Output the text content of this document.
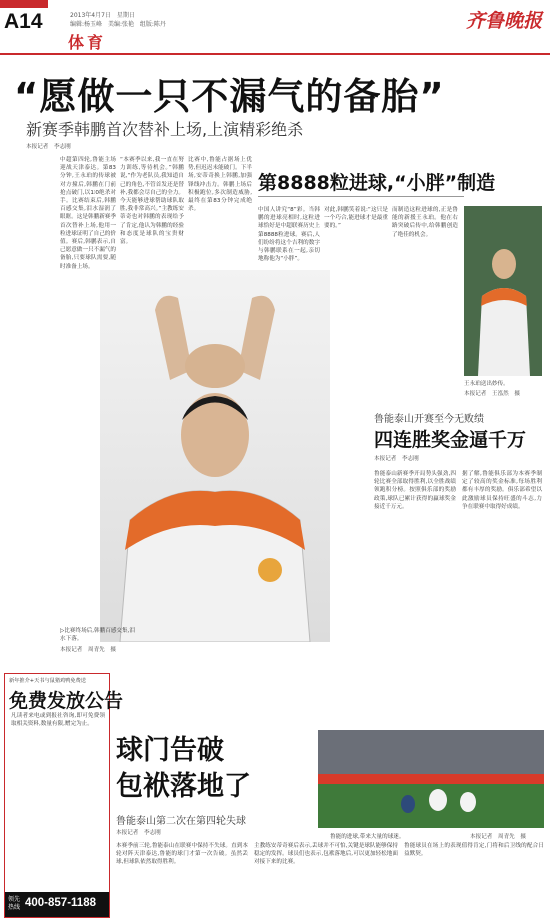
A14	2013年4月7日 星期日
编辑:杨玉峰 美编:张艳 组版:陈丹
体育
齐鲁晚报
“愿做一只不漏气的备胎”
新赛季韩鹏首次替补上场,上演精彩绝杀
本报记者　李志刚
中超第四轮,鲁能主场迎战天津泰达。第83分钟,王永珀的传球被对方撞后,韩鹏在门前抢点破门,以1∶0绝杀对手。比赛结束后,韩鹏百感交集,泪水湿润了眼眶。这是韩鹏新赛季首次替补上场,他用一粒进球证明了自己的价值。赛后,韩鹏表示,自己愿意做一只不漏气的备胎,只要球队需要,随时准备上场。
“本赛季以来,我一直在努力训练,等待机会。”韩鹏说,“作为老队员,我知道自己的角色,不管首发还是替补,我都会尽自己的全力。今天能够进球帮助球队取胜,我非常高兴。”主教练安蒂奇也对韩鹏的表现给予了肯定,他认为韩鹏的经验和态度是球队的宝贵财富。
比赛中,鲁能占据场上优势,但迟迟未能破门。下半场,安蒂奇换上韩鹏,加强锋线冲击力。韩鹏上场后积极跑位,多次制造威胁,最终在第83分钟完成绝杀。
▷比赛终场后,韩鹏百感交集,泪水下落。
本报记者　周青先　摄
第8888粒进球,“小胖”制造
中国人讲究“8”彩。当韩鹏的进球亮相时,这粒进球恰好是中超联赛历史上第8888粒进球。赛后,人们纷纷将这个吉利的数字与韩鹏联系在一起,亲切地称他为“小胖”。
对此,韩鹏笑着说:“这只是一个巧合,能进球才是最重要的。”
而制造这粒进球的,正是鲁能的新援王永珀。他在右路突破后传中,给韩鹏创造了绝佳的机会。
王永珀送出妙传。
本报记者　王泓然　摄
鲁能泰山开赛至今无败绩
四连胜奖金逼千万
本报记者　李志刚
鲁能泰山新赛季开局势头强劲,四轮比赛全部取得胜利,以全胜战绩领跑积分榜。按照俱乐部的奖励政策,球队已累计获得的赢球奖金接近千万元。
据了解,鲁能俱乐部为本赛季制定了较高的奖金标准,每场胜利都有丰厚的奖励。俱乐部希望以此激励球员保持旺盛的斗志,力争在联赛中取得好成绩。
新年推介+天书与鼠猪鸡鸭免费送
免费发放公告
凡读者来电或到报社咨询,即可免费领取相关资料,数量有限,赠完为止。
领先热线 400-857-1188
球门告破
包袱落地了
鲁能泰山第二次在第四轮失球
本报记者　李志刚
鲁能的进球,带来大量的球迷。	本报记者　周青先　摄
本赛季前三轮,鲁能泰山在联赛中保持不失球。直到本轮对阵天津泰达,鲁能的球门才第一次告破。虽然丢球,但球队依然取得胜利。
主教练安蒂奇赛后表示,丢球并不可怕,关键是球队能够保持稳定的发挥。球员们也表示,包袱落地后,可以更加轻松地面对接下来的比赛。
鲁能球员在场上的表现值得肯定,门将和后卫线的配合日益默契。
